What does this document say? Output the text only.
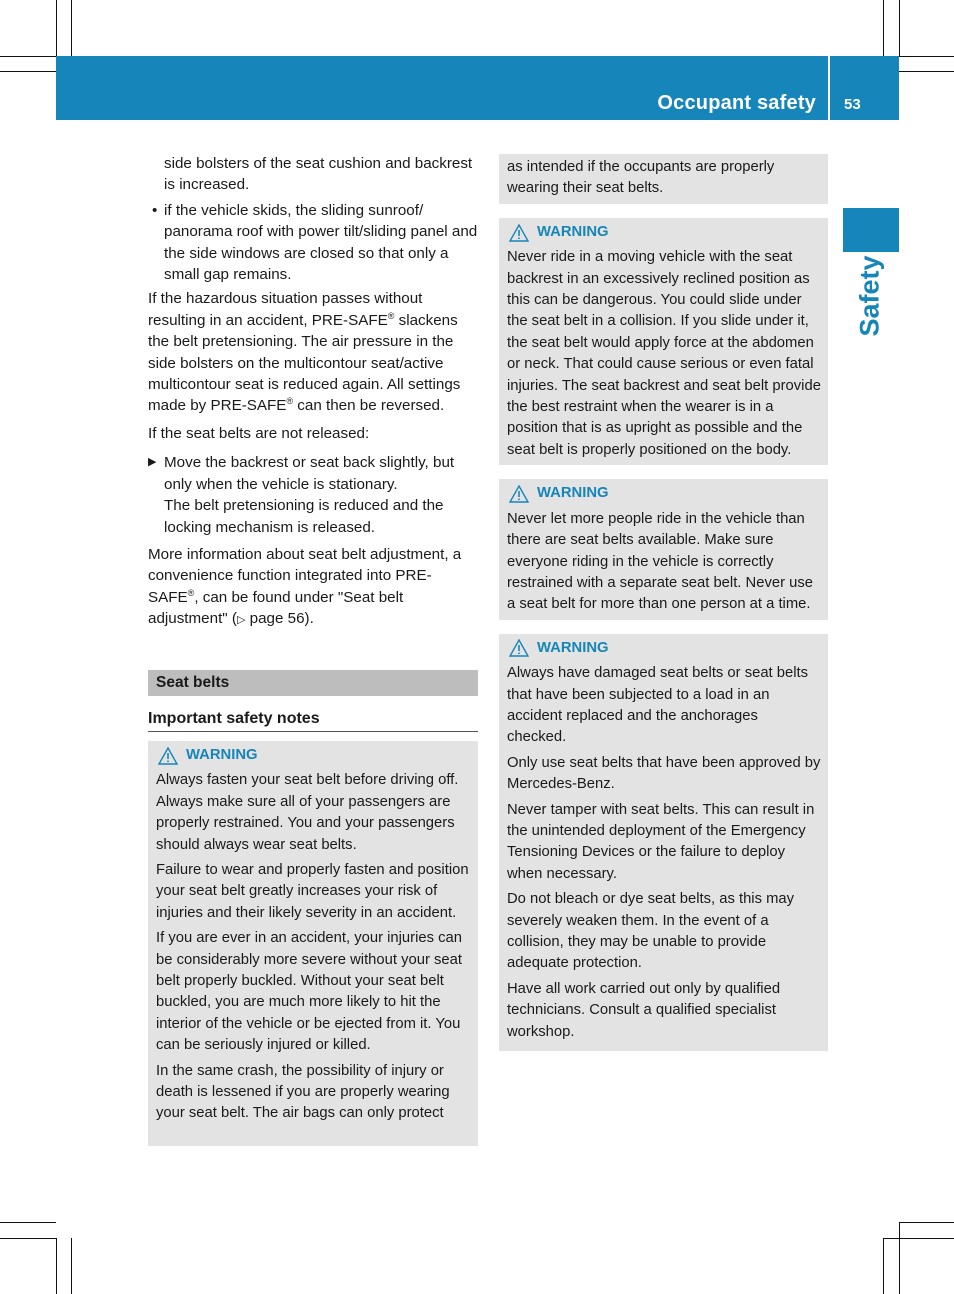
Occupant safety 53
Safety

side bolsters of the seat cushion and backrest is increased.

• if the vehicle skids, the sliding sunroof/ panorama roof with power tilt/sliding panel and the side windows are closed so that only a small gap remains.

If the hazardous situation passes without resulting in an accident, PRE-SAFE® slackens the belt pretensioning. The air pressure in the side bolsters on the multicontour seat/active multicontour seat is reduced again. All settings made by PRE-SAFE® can then be reversed.

If the seat belts are not released:

▶ Move the backrest or seat back slightly, but only when the vehicle is stationary.
The belt pretensioning is reduced and the locking mechanism is released.

More information about seat belt adjustment, a convenience function integrated into PRE-SAFE®, can be found under "Seat belt adjustment" (▷ page 56).

Seat belts
Important safety notes
WARNING

Always fasten your seat belt before driving off. Always make sure all of your passengers are properly restrained. You and your passengers should always wear seat belts.

Failure to wear and properly fasten and position your seat belt greatly increases your risk of injuries and their likely severity in an accident.

If you are ever in an accident, your injuries can be considerably more severe without your seat belt properly buckled. Without your seat belt buckled, you are much more likely to hit the interior of the vehicle or be ejected from it. You can be seriously injured or killed.

In the same crash, the possibility of injury or death is lessened if you are properly wearing your seat belt. The air bags can only protect

as intended if the occupants are properly wearing their seat belts.

WARNING

Never ride in a moving vehicle with the seat backrest in an excessively reclined position as this can be dangerous. You could slide under the seat belt in a collision. If you slide under it, the seat belt would apply force at the abdomen or neck. That could cause serious or even fatal injuries. The seat backrest and seat belt provide the best restraint when the wearer is in a position that is as upright as possible and the seat belt is properly positioned on the body.

WARNING

Never let more people ride in the vehicle than there are seat belts available. Make sure everyone riding in the vehicle is correctly restrained with a separate seat belt. Never use a seat belt for more than one person at a time.

WARNING

Always have damaged seat belts or seat belts that have been subjected to a load in an accident replaced and the anchorages checked.

Only use seat belts that have been approved by Mercedes-Benz.

Never tamper with seat belts. This can result in the unintended deployment of the Emergency Tensioning Devices or the failure to deploy when necessary.

Do not bleach or dye seat belts, as this may severely weaken them. In the event of a collision, they may be unable to provide adequate protection.

Have all work carried out only by qualified technicians. Consult a qualified specialist workshop.
